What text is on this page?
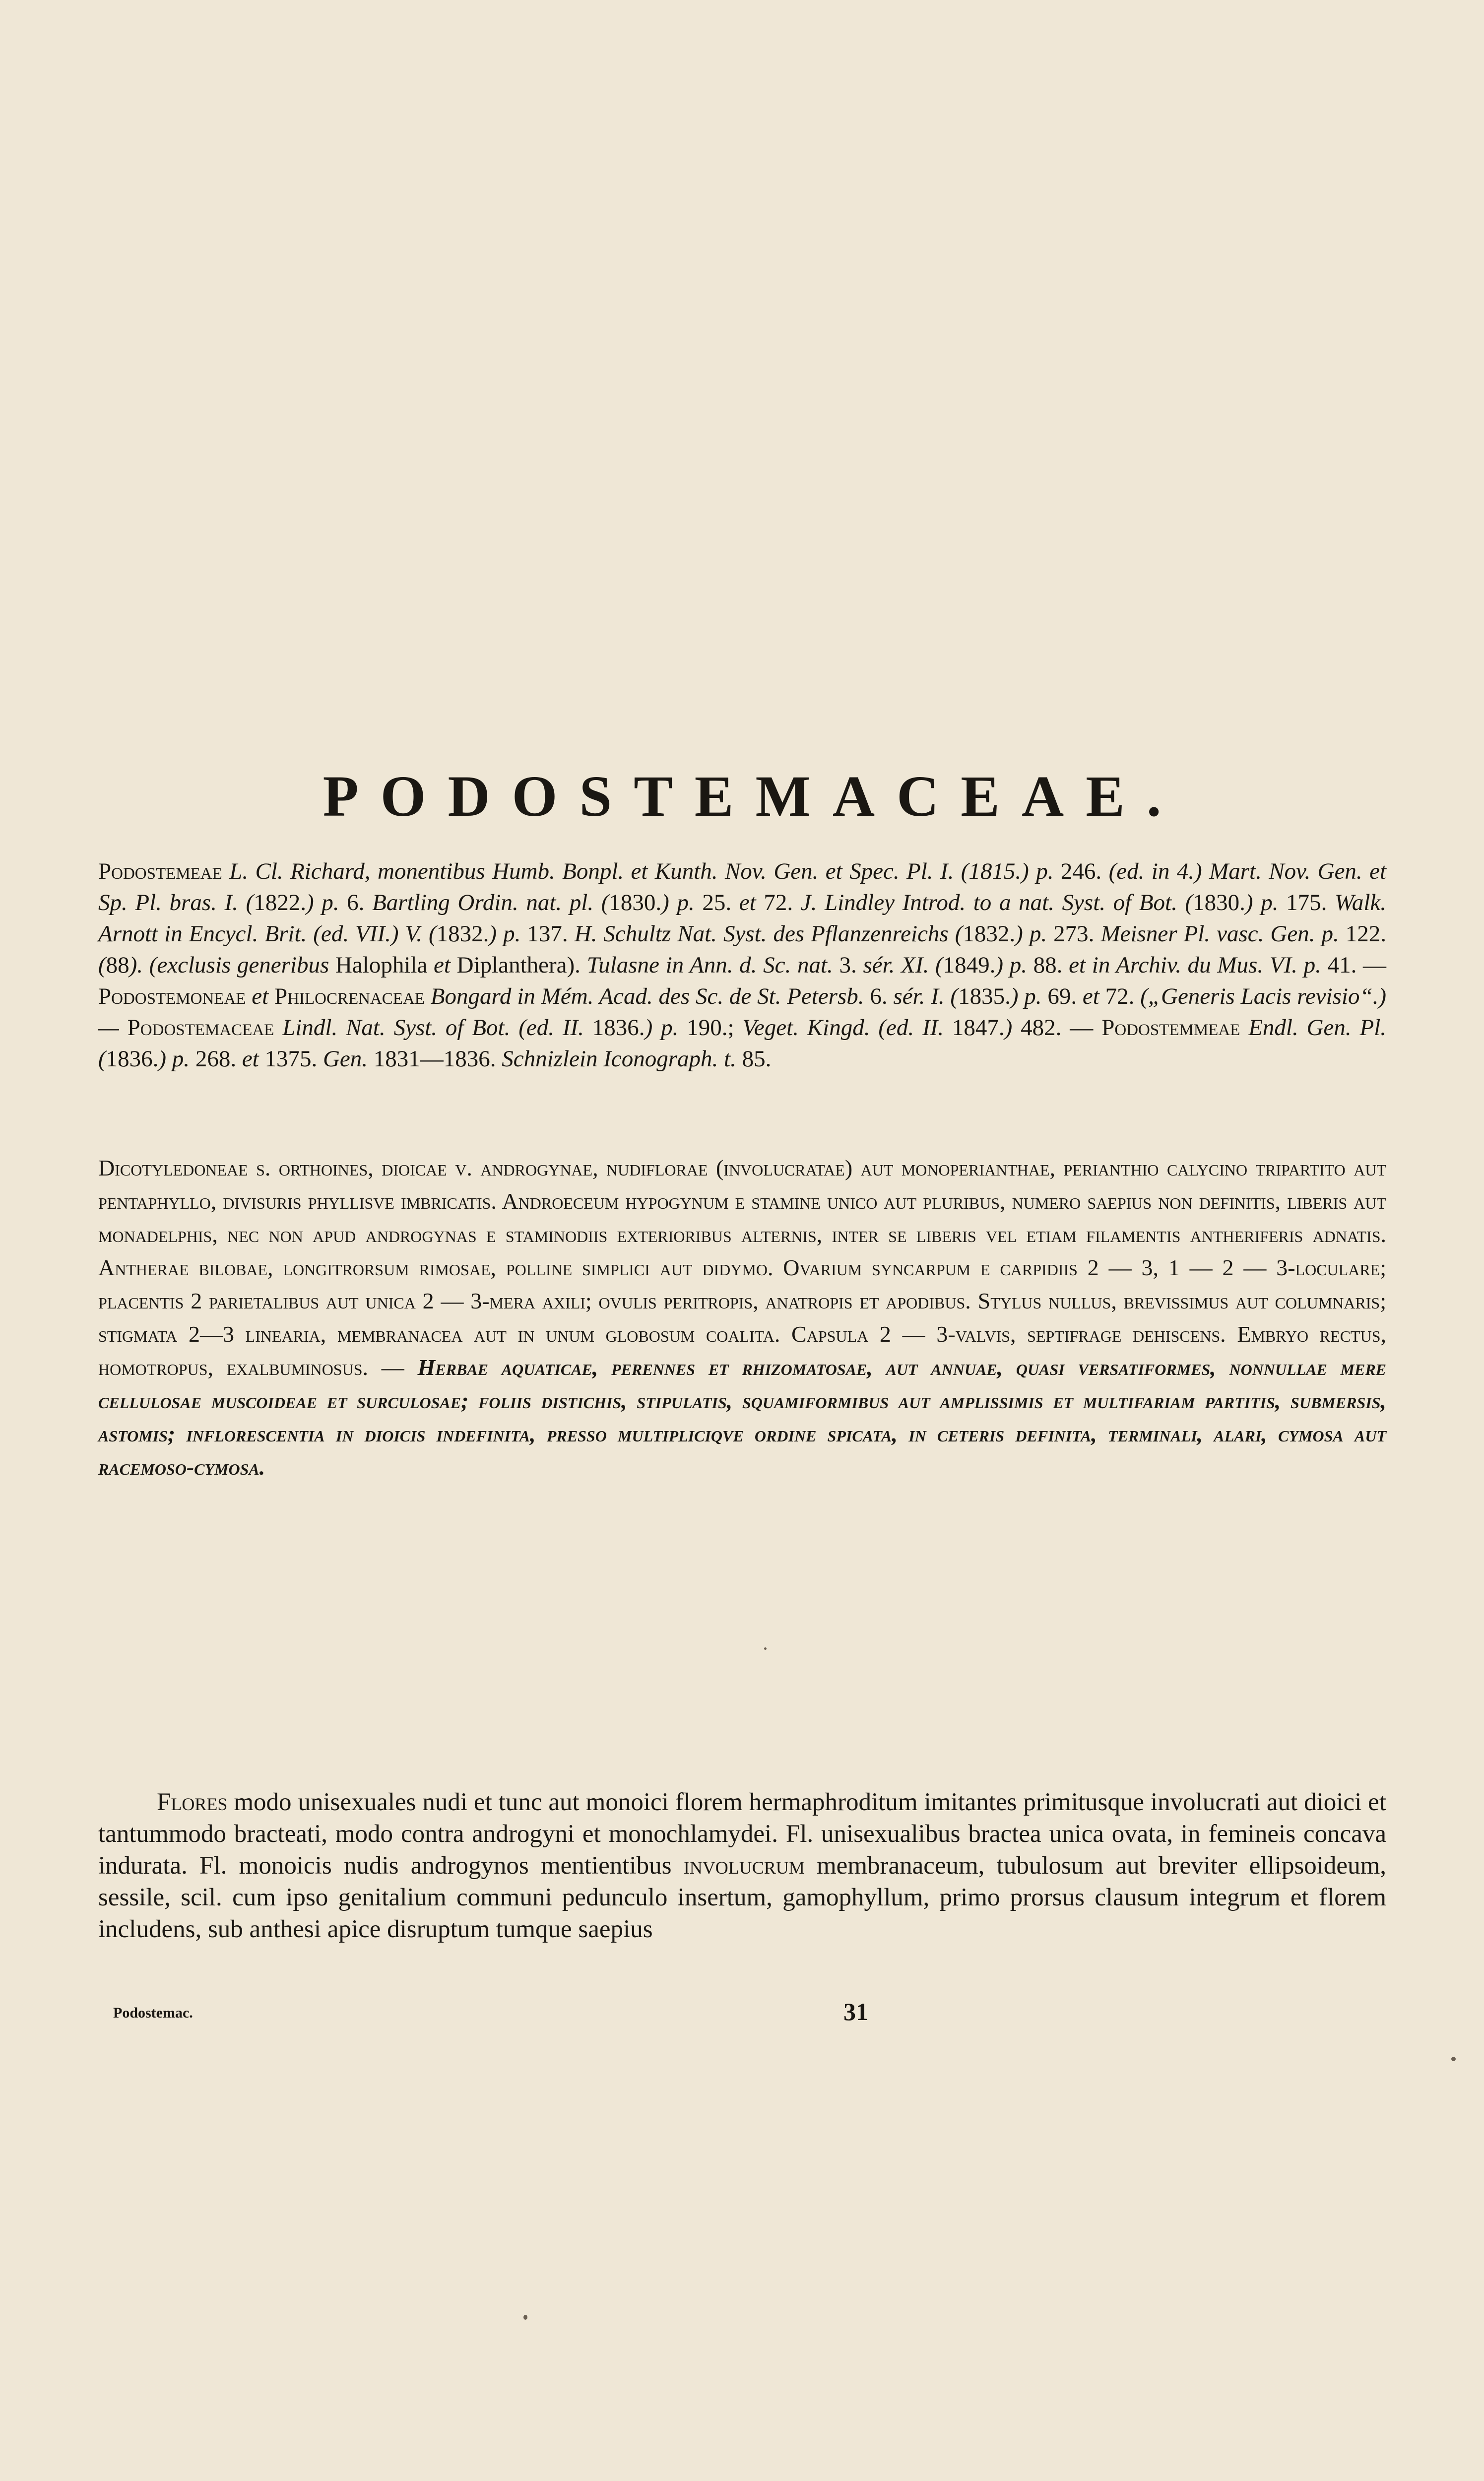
PODOSTEMACEAE.
Podostemeae L. Cl. Richard, monentibus Humb. Bonpl. et Kunth. Nov. Gen. et Spec. Pl. I. (1815.) p. 246. (ed. in 4.) Mart. Nov. Gen. et Sp. Pl. bras. I. (1822.) p. 6. Bartling Ordin. nat. pl. (1830.) p. 25. et 72. J. Lindley Introd. to a nat. Syst. of Bot. (1830.) p. 175. Walk. Arnott in Encycl. Brit. (ed. VII.) V. (1832.) p. 137. H. Schultz Nat. Syst. des Pflanzenreichs (1832.) p. 273. Meisner Pl. vasc. Gen. p. 122. (88). (exclusis generibus Halophila et Diplanthera). Tulasne in Ann. d. Sc. nat. 3. sér. XI. (1849.) p. 88. et in Archiv. du Mus. VI. p. 41. — Podostemoneae et Philocrenaceae Bongard in Mém. Acad. des Sc. de St. Petersb. 6. sér. I. (1835.) p. 69. et 72. („Generis Lacis revisio“.) — Podostemaceae Lindl. Nat. Syst. of Bot. (ed. II. 1836.) p. 190.; Veget. Kingd. (ed. II. 1847.) 482. — Podostemmeae Endl. Gen. Pl. (1836.) p. 268. et 1375. Gen. 1831—1836. Schnizlein Iconograph. t. 85.
Dicotyledoneae s. orthoines, dioicae v. androgynae, nudiflorae (involucratae) aut monoperianthae, perianthio calycino tripartito aut pentaphyllo, divisuris phyllisve imbricatis. Androeceum hypogynum e stamine unico aut pluribus, numero saepius non definitis, liberis aut monadelphis, nec non apud androgynas e staminodiis exterioribus alternis, inter se liberis vel etiam filamentis antheriferis adnatis. Antherae bilobae, longitrorsum rimosae, polline simplici aut didymo. Ovarium syncarpum e carpidiis 2 — 3, 1 — 2 — 3-loculare; placentis 2 parietalibus aut unica 2 — 3-mera axili; ovulis peritropis, anatropis et apodibus. Stylus nullus, brevissimus aut columnaris; stigmata 2—3 linearia, membranacea aut in unum globosum coalita. Capsula 2 — 3-valvis, septifrage dehiscens. Embryo rectus, homotropus, exalbuminosus. — Herbae aquaticae, perennes et rhizomatosae, aut annuae, quasi versatiformes, nonnullae mere cellulosae muscoideae et surculosae; foliis distichis, stipulatis, squamiformibus aut amplissimis et multifariam partitis, submersis, astomis; inflorescentia in dioicis indefinita, presso multipliciqve ordine spicata, in ceteris definita, terminali, alari, cymosa aut racemoso-cymosa.
Flores modo unisexuales nudi et tunc aut monoici florem hermaphroditum imitantes primitusque involucrati aut dioici et tantummodo bracteati, modo contra androgyni et monochlamydei. Fl. unisexualibus bractea unica ovata, in femineis concava indurata. Fl. monoicis nudis androgynos mentientibus involucrum membranaceum, tubulosum aut breviter ellipsoideum, sessile, scil. cum ipso genitalium communi pedunculo insertum, gamophyllum, primo prorsus clausum integrum et florem includens, sub anthesi apice disruptum tumque saepius
Podostemac.	31
